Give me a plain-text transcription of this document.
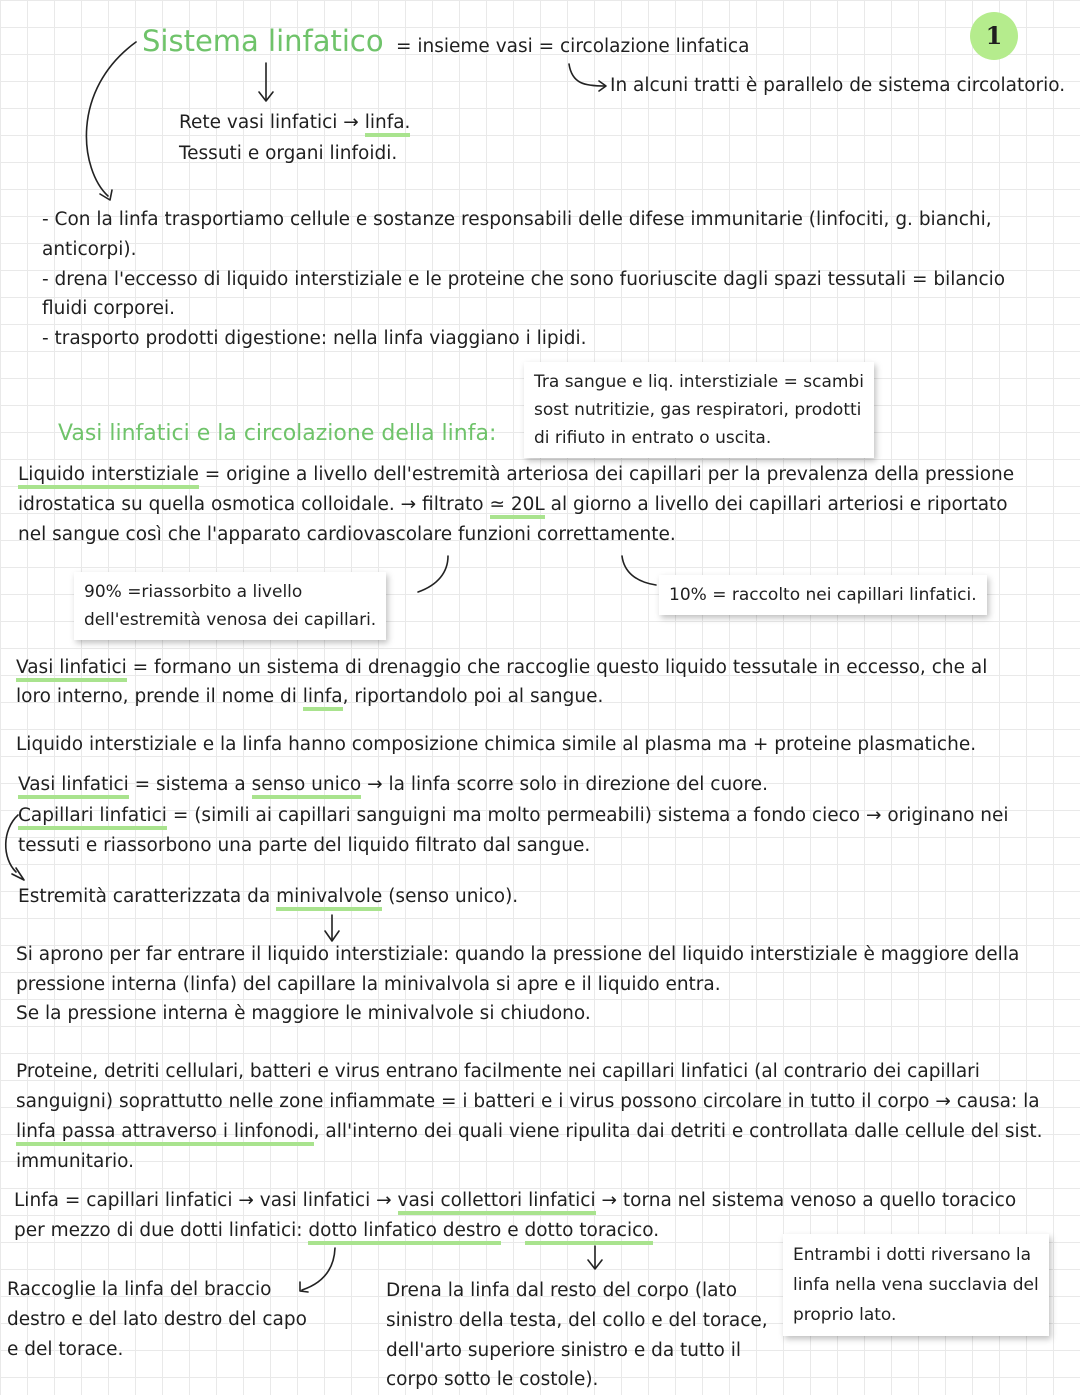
1
Sistema linfatico = insieme vasi = circolazione linfatica
In alcuni tratti è parallelo de sistema circolatorio.
Rete vasi linfatici → linfa.
Tessuti e organi linfoidi.
- Con la linfa trasportiamo cellule e sostanze responsabili delle difese immunitarie (linfociti, g. bianchi,
anticorpi).
- drena l'eccesso di liquido interstiziale e le proteine che sono fuoriuscite dagli spazi tessutali = bilancio
fluidi corporei.
- trasporto prodotti digestione: nella linfa viaggiano i lipidi.
Tra sangue e liq. interstiziale = scambi
sost nutritizie, gas respiratori, prodotti
di rifiuto in entrato o uscita.
Vasi linfatici e la circolazione della linfa:
Liquido interstiziale = origine a livello dell'estremità arteriosa dei capillari per la prevalenza della pressione
idrostatica su quella osmotica colloidale. → filtrato ≃ 20L al giorno a livello dei capillari arteriosi e riportato
nel sangue così che l'apparato cardiovascolare funzioni correttamente.
90% =riassorbito a livello
dell'estremità venosa dei capillari.
10% = raccolto nei capillari linfatici.
Vasi linfatici = formano un sistema di drenaggio che raccoglie questo liquido tessutale in eccesso, che al
loro interno, prende il nome di linfa, riportandolo poi al sangue.
Liquido interstiziale e la linfa hanno composizione chimica simile al plasma ma + proteine plasmatiche.
Vasi linfatici = sistema a senso unico → la linfa scorre solo in direzione del cuore.
Capillari linfatici = (simili ai capillari sanguigni ma molto permeabili) sistema a fondo cieco → originano nei
tessuti e riassorbono una parte del liquido filtrato dal sangue.
Estremità caratterizzata da minivalvole (senso unico).
Si aprono per far entrare il liquido interstiziale: quando la pressione del liquido interstiziale è maggiore della
pressione interna (linfa) del capillare la minivalvola si apre e il liquido entra.
Se la pressione interna è maggiore le minivalvole si chiudono.
Proteine, detriti cellulari, batteri e virus entrano facilmente nei capillari linfatici (al contrario dei capillari
sanguigni) soprattutto nelle zone infiammate = i batteri e i virus possono circolare in tutto il corpo → causa: la
linfa passa attraverso i linfonodi, all'interno dei quali viene ripulita dai detriti e controllata dalle cellule del sist.
immunitario.
Linfa = capillari linfatici → vasi linfatici → vasi collettori linfatici → torna nel sistema venoso a quello toracico
per mezzo di due dotti linfatici: dotto linfatico destro e dotto toracico.
Entrambi i dotti riversano la
linfa nella vena succlavia del
proprio lato.
Raccoglie la linfa del braccio
destro e del lato destro del capo
e del torace.
Drena la linfa dal resto del corpo (lato
sinistro della testa, del collo e del torace,
dell'arto superiore sinistro e da tutto il
corpo sotto le costole).
